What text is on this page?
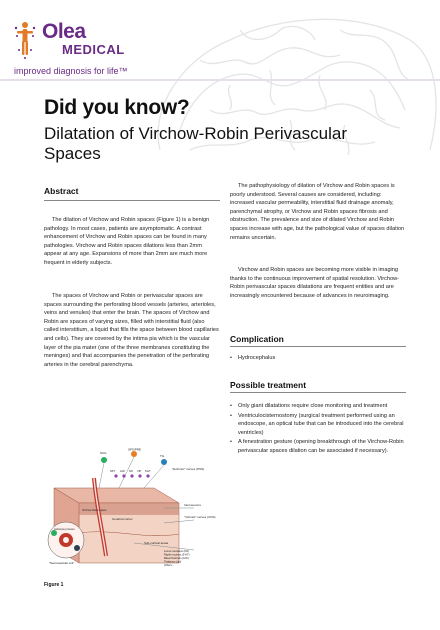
Olea
MEDICAL
improved diagnosis for life™
Did you know?
Dilatation of Virchow-Robin Perivascular Spaces
Abstract

The dilation of Virchow and Robin spaces (Figure 1) is a benign pathology. In most cases, patients are asymptomatic. A contrast enhancement of Virchow and Robin spaces can be found in many pathologies. Virchow and Robin spaces dilations less than 2mm appear at any age. Expansions of more than 2mm are much more frequent in elderly subjects.

The spaces of Virchow and Robin or perivascular spaces are spaces surrounding the perforating blood vessels (arteries, arterioles, veins and venules) that enter the brain. The spaces of Virchow and Robin are spaces of varying sizes, filled with interstitial fluid (also called interstitium, a liquid that fills the space between blood capillaries and cells). They are covered by the intima pia which is the vascular layer of the pia mater (one of the three membranes constituting the meninges) and that accompanies the penetration of the perforating arteries in the cerebral parenchyma.

SCG
SPS/PRE
TG
"Extrinsic" nerves (PNS)
NPY ACh NO VIP 5-HT
Virchow-Robin space
Cerebral cortex
Sub-cortical areas
Interneurons
"Intrinsic" nerves (CNS)
Astrocyte process
"Neurovascular unit"
Locus coeruleus (NA)
Raphe nucleus (5-HT)
Basal forebrain (ACh)
Thalamus (glu)
Others...
Figure 1

The pathophysiology of dilation of Virchow and Robin spaces is poorly understood. Several causes are considered, including: increased vascular permeability, interstitial fluid drainage anomaly, parenchymal atrophy, or Virchow and Robin spaces fibrosis and obstruction. The prevalence and size of dilated Virchow and Robin spaces increase with age, but the pathological value of spaces dilation remains uncertain.

Virchow and Robin spaces are becoming more visible in imaging thanks to the continuous improvement of spatial resolution. Virchow-Robin perivascular spaces dilatations are frequent entities and are increasingly encountered because of advances in neuroimaging.

Complication
• Hydrocephalus
Possible treatment
• Only giant dilatations require close monitoring and treatment
• Ventriculocisternostomy (surgical treatment performed using an endoscope, an optical tube that can be introduced into the cerebral ventricles)
• A fenestration gesture (opening breakthrough of the Virchow-Robin perivascular spaces dilation can be associated if necessary).
